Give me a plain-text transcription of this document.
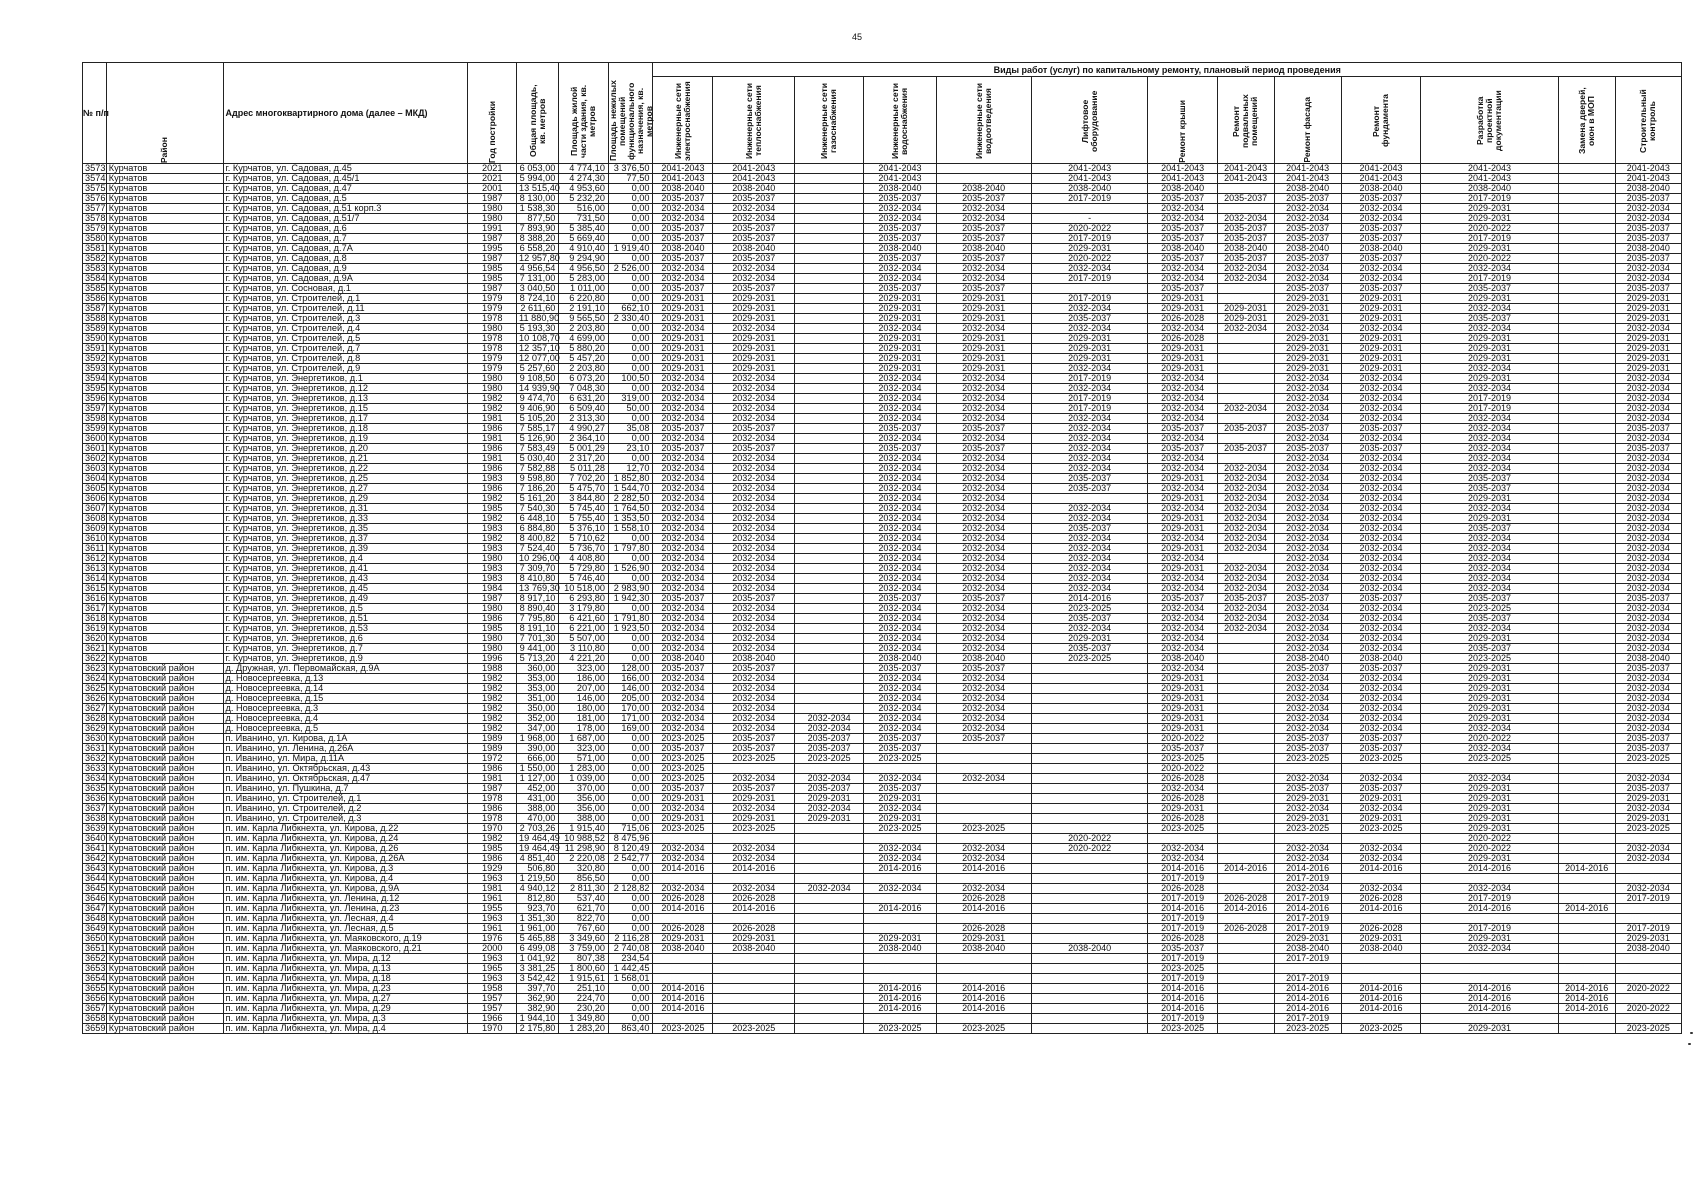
45
№ п/п	Район	Адрес многоквартирного дома (далее – МКД)	Год постройки	Общая площадь, кв. метров	Площадь жилой части здания, кв. метров	Площадь нежилых помещений функционального назначения, кв. метров	Виды работ (услуг) по капитальному ремонту, плановый период проведения												

							Инженерные сети электроснабжения	Инженерные сети теплоснабжения	Инженерные сети газоснабжения	Инженерные сети водоснабжения	Инженерные сети водоотведения	Лифтовое оборудование	Ремонт крыши	Ремонт подвальных помещений	Ремонт фасада	Ремонт фундамента	Разработка проектной документации	Замена дверей, окон в МОП	Строительный контроль

3573	Курчатов	г. Курчатов, ул. Садовая, д.45	2021	6 053,00	4 774,10	3 376,50	2041-2043	2041-2043		2041-2043		2041-2043	2041-2043	2041-2043	2041-2043	2041-2043	2041-2043		2041-2043
3574	Курчатов	г. Курчатов, ул. Садовая, д.45/1	2021	5 994,00	4 274,30	77,50	2041-2043	2041-2043		2041-2043		2041-2043	2041-2043	2041-2043	2041-2043	2041-2043	2041-2043		2041-2043
3575	Курчатов	г. Курчатов, ул. Садовая, д.47	2001	13 515,40	4 953,60	0,00	2038-2040	2038-2040		2038-2040	2038-2040	2038-2040	2038-2040		2038-2040	2038-2040	2038-2040		2038-2040
3576	Курчатов	г. Курчатов, ул. Садовая, д.5	1987	8 130,00	5 232,20	0,00	2035-2037	2035-2037		2035-2037	2035-2037	2017-2019	2035-2037	2035-2037	2035-2037	2035-2037	2017-2019		2035-2037
3577	Курчатов	г. Курчатов, ул. Садовая, д.51 корп.3	1980	1 538,30	516,00	0,00	2032-2034	2032-2034		2032-2034	2032-2034		2032-2034		2032-2034	2032-2034	2029-2031		2032-2034
3578	Курчатов	г. Курчатов, ул. Садовая, д.51/7	1980	877,50	731,50	0,00	2032-2034	2032-2034		2032-2034	2032-2034	-	2032-2034	2032-2034	2032-2034	2032-2034	2029-2031		2032-2034
3579	Курчатов	г. Курчатов, ул. Садовая, д.6	1991	7 893,90	5 385,40	0,00	2035-2037	2035-2037		2035-2037	2035-2037	2020-2022	2035-2037	2035-2037	2035-2037	2035-2037	2020-2022		2035-2037
3580	Курчатов	г. Курчатов, ул. Садовая, д.7	1987	8 388,20	5 669,40	0,00	2035-2037	2035-2037		2035-2037	2035-2037	2017-2019	2035-2037	2035-2037	2035-2037	2035-2037	2017-2019		2035-2037
3581	Курчатов	г. Курчатов, ул. Садовая, д.7А	1995	6 558,20	4 910,40	1 919,40	2038-2040	2038-2040		2038-2040	2038-2040	2029-2031	2038-2040	2038-2040	2038-2040	2038-2040	2029-2031		2038-2040
3582	Курчатов	г. Курчатов, ул. Садовая, д.8	1987	12 957,80	9 294,90	0,00	2035-2037	2035-2037		2035-2037	2035-2037	2020-2022	2035-2037	2035-2037	2035-2037	2035-2037	2020-2022		2035-2037
3583	Курчатов	г. Курчатов, ул. Садовая, д.9	1985	4 956,54	4 956,50	2 526,00	2032-2034	2032-2034		2032-2034	2032-2034	2032-2034	2032-2034	2032-2034	2032-2034	2032-2034	2032-2034		2032-2034
3584	Курчатов	г. Курчатов, ул. Садовая, д.9А	1985	7 131,00	5 283,00	0,00	2032-2034	2032-2034		2032-2034	2032-2034	2017-2019	2032-2034	2032-2034	2032-2034	2032-2034	2017-2019		2032-2034
3585	Курчатов	г. Курчатов, ул. Сосновая, д.1	1987	3 040,50	1 011,00	0,00	2035-2037	2035-2037		2035-2037	2035-2037		2035-2037		2035-2037	2035-2037	2035-2037		2035-2037
3586	Курчатов	г. Курчатов, ул. Строителей, д.1	1979	8 724,10	6 220,80	0,00	2029-2031	2029-2031		2029-2031	2029-2031	2017-2019	2029-2031		2029-2031	2029-2031	2029-2031		2029-2031
3587	Курчатов	г. Курчатов, ул. Строителей, д.11	1979	2 611,60	2 191,10	662,10	2029-2031	2029-2031		2029-2031	2029-2031	2032-2034	2029-2031	2029-2031	2029-2031	2029-2031	2032-2034		2029-2031
3588	Курчатов	г. Курчатов, ул. Строителей, д.3	1978	11 880,90	9 565,50	2 330,40	2029-2031	2029-2031		2029-2031	2029-2031	2035-2037	2026-2028	2029-2031	2029-2031	2029-2031	2035-2037		2029-2031
3589	Курчатов	г. Курчатов, ул. Строителей, д.4	1980	5 193,30	2 203,80	0,00	2032-2034	2032-2034		2032-2034	2032-2034	2032-2034	2032-2034	2032-2034	2032-2034	2032-2034	2032-2034		2032-2034
3590	Курчатов	г. Курчатов, ул. Строителей, д.5	1978	10 108,70	4 699,00	0,00	2029-2031	2029-2031		2029-2031	2029-2031	2029-2031	2026-2028		2029-2031	2029-2031	2029-2031		2029-2031
3591	Курчатов	г. Курчатов, ул. Строителей, д.7	1978	12 357,10	5 880,20	0,00	2029-2031	2029-2031		2029-2031	2029-2031	2029-2031	2029-2031		2029-2031	2029-2031	2029-2031		2029-2031
3592	Курчатов	г. Курчатов, ул. Строителей, д.8	1979	12 077,00	5 457,20	0,00	2029-2031	2029-2031		2029-2031	2029-2031	2029-2031	2029-2031		2029-2031	2029-2031	2029-2031		2029-2031
3593	Курчатов	г. Курчатов, ул. Строителей, д.9	1979	5 257,60	2 203,80	0,00	2029-2031	2029-2031		2029-2031	2029-2031	2032-2034	2029-2031		2029-2031	2029-2031	2032-2034		2029-2031
3594	Курчатов	г. Курчатов, ул. Энергетиков, д.1	1980	9 108,50	6 073,20	100,50	2032-2034	2032-2034		2032-2034	2032-2034	2017-2019	2032-2034		2032-2034	2032-2034	2029-2031		2032-2034
3595	Курчатов	г. Курчатов, ул. Энергетиков, д.12	1980	14 939,90	7 048,30	0,00	2032-2034	2032-2034		2032-2034	2032-2034	2032-2034	2032-2034		2032-2034	2032-2034	2032-2034		2032-2034
3596	Курчатов	г. Курчатов, ул. Энергетиков, д.13	1982	9 474,70	6 631,20	319,00	2032-2034	2032-2034		2032-2034	2032-2034	2017-2019	2032-2034		2032-2034	2032-2034	2017-2019		2032-2034
3597	Курчатов	г. Курчатов, ул. Энергетиков, д.15	1982	9 406,90	6 509,40	50,00	2032-2034	2032-2034		2032-2034	2032-2034	2017-2019	2032-2034	2032-2034	2032-2034	2032-2034	2017-2019		2032-2034
3598	Курчатов	г. Курчатов, ул. Энергетиков, д.17	1981	5 105,20	2 313,30	0,00	2032-2034	2032-2034		2032-2034	2032-2034	2032-2034	2032-2034		2032-2034	2032-2034	2032-2034		2032-2034
3599	Курчатов	г. Курчатов, ул. Энергетиков, д.18	1986	7 585,17	4 990,27	35,08	2035-2037	2035-2037		2035-2037	2035-2037	2032-2034	2035-2037	2035-2037	2035-2037	2035-2037	2032-2034		2035-2037
3600	Курчатов	г. Курчатов, ул. Энергетиков, д.19	1981	5 126,90	2 364,10	0,00	2032-2034	2032-2034		2032-2034	2032-2034	2032-2034	2032-2034		2032-2034	2032-2034	2032-2034		2032-2034
3601	Курчатов	г. Курчатов, ул. Энергетиков, д.20	1986	7 583,49	5 001,29	23,10	2035-2037	2035-2037		2035-2037	2035-2037	2032-2034	2035-2037	2035-2037	2035-2037	2035-2037	2032-2034		2035-2037
3602	Курчатов	г. Курчатов, ул. Энергетиков, д.21	1981	5 030,40	2 317,20	0,00	2032-2034	2032-2034		2032-2034	2032-2034	2032-2034	2032-2034		2032-2034	2032-2034	2032-2034		2032-2034
3603	Курчатов	г. Курчатов, ул. Энергетиков, д.22	1986	7 582,88	5 011,28	12,70	2032-2034	2032-2034		2032-2034	2032-2034	2032-2034	2032-2034	2032-2034	2032-2034	2032-2034	2032-2034		2032-2034
3604	Курчатов	г. Курчатов, ул. Энергетиков, д.25	1983	9 598,80	7 702,20	1 852,80	2032-2034	2032-2034		2032-2034	2032-2034	2035-2037	2029-2031	2032-2034	2032-2034	2032-2034	2035-2037		2032-2034
3605	Курчатов	г. Курчатов, ул. Энергетиков, д.27	1986	7 186,20	5 475,70	1 544,70	2032-2034	2032-2034		2032-2034	2032-2034	2035-2037	2032-2034	2032-2034	2032-2034	2032-2034	2035-2037		2032-2034
3606	Курчатов	г. Курчатов, ул. Энергетиков, д.29	1982	5 161,20	3 844,80	2 282,50	2032-2034	2032-2034		2032-2034	2032-2034		2029-2031	2032-2034	2032-2034	2032-2034	2029-2031		2032-2034
3607	Курчатов	г. Курчатов, ул. Энергетиков, д.31	1985	7 540,30	5 745,40	1 764,50	2032-2034	2032-2034		2032-2034	2032-2034	2032-2034	2032-2034	2032-2034	2032-2034	2032-2034	2032-2034		2032-2034
3608	Курчатов	г. Курчатов, ул. Энергетиков, д.33	1982	6 448,10	5 755,40	1 353,50	2032-2034	2032-2034		2032-2034	2032-2034	2032-2034	2029-2031	2032-2034	2032-2034	2032-2034	2029-2031		2032-2034
3609	Курчатов	г. Курчатов, ул. Энергетиков, д.35	1983	6 884,80	5 376,10	1 558,10	2032-2034	2032-2034		2032-2034	2032-2034	2035-2037	2029-2031	2032-2034	2032-2034	2032-2034	2035-2037		2032-2034
3610	Курчатов	г. Курчатов, ул. Энергетиков, д.37	1982	8 400,82	5 710,62	0,00	2032-2034	2032-2034		2032-2034	2032-2034	2032-2034	2032-2034	2032-2034	2032-2034	2032-2034	2032-2034		2032-2034
3611	Курчатов	г. Курчатов, ул. Энергетиков, д.39	1983	7 524,40	5 736,70	1 797,80	2032-2034	2032-2034		2032-2034	2032-2034	2032-2034	2029-2031	2032-2034	2032-2034	2032-2034	2032-2034		2032-2034
3612	Курчатов	г. Курчатов, ул. Энергетиков, д.4	1980	10 296,00	4 408,80	0,00	2032-2034	2032-2034		2032-2034	2032-2034	2032-2034	2032-2034		2032-2034	2032-2034	2032-2034		2032-2034
3613	Курчатов	г. Курчатов, ул. Энергетиков, д.41	1983	7 309,70	5 729,80	1 526,90	2032-2034	2032-2034		2032-2034	2032-2034	2032-2034	2029-2031	2032-2034	2032-2034	2032-2034	2032-2034		2032-2034
3614	Курчатов	г. Курчатов, ул. Энергетиков, д.43	1983	8 410,80	5 746,40	0,00	2032-2034	2032-2034		2032-2034	2032-2034	2032-2034	2032-2034	2032-2034	2032-2034	2032-2034	2032-2034		2032-2034
3615	Курчатов	г. Курчатов, ул. Энергетиков, д.45	1984	13 769,30	10 518,00	2 983,90	2032-2034	2032-2034		2032-2034	2032-2034	2032-2034	2032-2034	2032-2034	2032-2034	2032-2034	2032-2034		2032-2034
3616	Курчатов	г. Курчатов, ул. Энергетиков, д.49	1987	8 917,10	6 293,80	1 942,30	2035-2037	2035-2037		2035-2037	2035-2037	2014-2016	2035-2037	2035-2037	2035-2037	2035-2037	2035-2037		2035-2037
3617	Курчатов	г. Курчатов, ул. Энергетиков, д.5	1980	8 890,40	3 179,80	0,00	2032-2034	2032-2034		2032-2034	2032-2034	2023-2025	2032-2034	2032-2034	2032-2034	2032-2034	2023-2025		2032-2034
3618	Курчатов	г. Курчатов, ул. Энергетиков, д.51	1986	7 795,80	6 421,60	1 791,80	2032-2034	2032-2034		2032-2034	2032-2034	2035-2037	2032-2034	2032-2034	2032-2034	2032-2034	2035-2037		2032-2034
3619	Курчатов	г. Курчатов, ул. Энергетиков, д.53	1985	8 191,10	6 221,00	1 923,50	2032-2034	2032-2034		2032-2034	2032-2034	2032-2034	2032-2034	2032-2034	2032-2034	2032-2034	2032-2034		2032-2034
3620	Курчатов	г. Курчатов, ул. Энергетиков, д.6	1980	7 701,30	5 507,00	0,00	2032-2034	2032-2034		2032-2034	2032-2034	2029-2031	2032-2034		2032-2034	2032-2034	2029-2031		2032-2034
3621	Курчатов	г. Курчатов, ул. Энергетиков, д.7	1980	9 441,00	3 110,80	0,00	2032-2034	2032-2034		2032-2034	2032-2034	2035-2037	2032-2034		2032-2034	2032-2034	2035-2037		2032-2034
3622	Курчатов	г. Курчатов, ул. Энергетиков, д.9	1996	5 713,20	4 221,20	0,00	2038-2040	2038-2040		2038-2040	2038-2040	2023-2025	2038-2040		2038-2040	2038-2040	2023-2025		2038-2040
3623	Курчатовский район	д. Дружная, ул. Первомайская, д.9А	1988	360,00	323,00	128,00	2035-2037	2035-2037		2035-2037	2035-2037		2032-2034		2035-2037	2035-2037	2029-2031		2035-2037
3624	Курчатовский район	д. Новосергеевка, д.13	1982	353,00	186,00	166,00	2032-2034	2032-2034		2032-2034	2032-2034		2029-2031		2032-2034	2032-2034	2029-2031		2032-2034
3625	Курчатовский район	д. Новосергеевка, д.14	1982	353,00	207,00	146,00	2032-2034	2032-2034		2032-2034	2032-2034		2029-2031		2032-2034	2032-2034	2029-2031		2032-2034
3626	Курчатовский район	д. Новосергеевка, д.15	1982	351,00	146,00	205,00	2032-2034	2032-2034		2032-2034	2032-2034		2029-2031		2032-2034	2032-2034	2029-2031		2032-2034
3627	Курчатовский район	д. Новосергеевка, д.3	1982	350,00	180,00	170,00	2032-2034	2032-2034		2032-2034	2032-2034		2029-2031		2032-2034	2032-2034	2029-2031		2032-2034
3628	Курчатовский район	д. Новосергеевка, д.4	1982	352,00	181,00	171,00	2032-2034	2032-2034	2032-2034	2032-2034	2032-2034		2029-2031		2032-2034	2032-2034	2029-2031		2032-2034
3629	Курчатовский район	д. Новосергеевка, д.5	1982	347,00	178,00	169,00	2032-2034	2032-2034	2032-2034	2032-2034	2032-2034		2029-2031		2032-2034	2032-2034	2032-2034		2032-2034
3630	Курчатовский район	п. Иванино, ул. Кирова, д.1А	1989	1 968,00	1 687,00	0,00	2023-2025	2035-2037	2035-2037	2035-2037	2035-2037		2020-2022		2035-2037	2035-2037	2020-2022		2035-2037
3631	Курчатовский район	п. Иванино, ул. Ленина, д.26А	1989	390,00	323,00	0,00	2035-2037	2035-2037	2035-2037	2035-2037			2035-2037		2035-2037	2035-2037	2032-2034		2035-2037
3632	Курчатовский район	п. Иванино, ул. Мира, д.11А	1972	666,00	571,00	0,00	2023-2025	2023-2025	2023-2025	2023-2025			2023-2025		2023-2025	2023-2025	2023-2025		2023-2025
3633	Курчатовский район	п. Иванино, ул. Октябрьская, д.43	1986	1 550,00	1 283,00	0,00	2023-2025						2020-2022						
3634	Курчатовский район	п. Иванино, ул. Октябрьская, д.47	1981	1 127,00	1 039,00	0,00	2023-2025	2032-2034	2032-2034	2032-2034	2032-2034		2026-2028		2032-2034	2032-2034	2032-2034		2032-2034
3635	Курчатовский район	п. Иванино, ул. Пушкина, д.7	1987	452,00	370,00	0,00	2035-2037	2035-2037	2035-2037	2035-2037			2032-2034		2035-2037	2035-2037	2029-2031		2035-2037
3636	Курчатовский район	п. Иванино, ул. Строителей, д.1	1978	431,00	356,00	0,00	2029-2031	2029-2031	2029-2031	2029-2031			2026-2028		2029-2031	2029-2031	2029-2031		2029-2031
3637	Курчатовский район	п. Иванино, ул. Строителей, д.2	1986	388,00	356,00	0,00	2032-2034	2032-2034	2032-2034	2032-2034			2029-2031		2032-2034	2032-2034	2029-2031		2032-2034
3638	Курчатовский район	п. Иванино, ул. Строителей, д.3	1978	470,00	388,00	0,00	2029-2031	2029-2031	2029-2031	2029-2031			2026-2028		2029-2031	2029-2031	2029-2031		2029-2031
3639	Курчатовский район	п. им. Карла Либкнехта, ул. Кирова, д.22	1970	2 703,26	1 915,40	715,06	2023-2025	2023-2025		2023-2025	2023-2025		2023-2025		2023-2025	2023-2025	2029-2031		2023-2025
3640	Курчатовский район	п. им. Карла Либкнехта, ул. Кирова, д.24	1982	19 464,49	10 988,52	8 475,96						2020-2022					2020-2022		
3641	Курчатовский район	п. им. Карла Либкнехта, ул. Кирова, д.26	1985	19 464,49	11 298,90	8 120,49	2032-2034	2032-2034		2032-2034	2032-2034	2020-2022	2032-2034		2032-2034	2032-2034	2020-2022		2032-2034
3642	Курчатовский район	п. им. Карла Либкнехта, ул. Кирова, д.26А	1986	4 851,40	2 220,08	2 542,77	2032-2034	2032-2034		2032-2034	2032-2034		2032-2034		2032-2034	2032-2034	2029-2031		2032-2034
3643	Курчатовский район	п. им. Карла Либкнехта, ул. Кирова, д.3	1929	506,80	320,80	0,00	2014-2016	2014-2016		2014-2016	2014-2016		2014-2016	2014-2016	2014-2016	2014-2016	2014-2016	2014-2016	
3644	Курчатовский район	п. им. Карла Либкнехта, ул. Кирова, д.4	1963	1 219,50	856,50	0,00							2017-2019		2017-2019				
3645	Курчатовский район	п. им. Карла Либкнехта, ул. Кирова, д.9А	1981	4 940,12	2 811,30	2 128,82	2032-2034	2032-2034	2032-2034	2032-2034	2032-2034		2026-2028		2032-2034	2032-2034	2032-2034		2032-2034
3646	Курчатовский район	п. им. Карла Либкнехта, ул. Ленина, д.12	1961	812,80	537,40	0,00	2026-2028	2026-2028			2026-2028		2017-2019	2026-2028	2017-2019	2026-2028	2017-2019		2017-2019
3647	Курчатовский район	п. им. Карла Либкнехта, ул. Ленина, д.23	1955	923,70	621,70	0,00	2014-2016	2014-2016		2014-2016	2014-2016		2014-2016	2014-2016	2014-2016	2014-2016	2014-2016	2014-2016	
3648	Курчатовский район	п. им. Карла Либкнехта, ул. Лесная, д.4	1963	1 351,30	822,70	0,00							2017-2019		2017-2019				
3649	Курчатовский район	п. им. Карла Либкнехта, ул. Лесная, д.5	1961	1 961,00	767,60	0,00	2026-2028	2026-2028			2026-2028		2017-2019	2026-2028	2017-2019	2026-2028	2017-2019		2017-2019
3650	Курчатовский район	п. им. Карла Либкнехта, ул. Маяковского, д.19	1976	5 465,88	3 349,60	2 116,28	2029-2031	2029-2031		2029-2031	2029-2031		2026-2028		2029-2031	2029-2031	2029-2031		2029-2031
3651	Курчатовский район	п. им. Карла Либкнехта, ул. Маяковского, д.21	2000	6 499,08	3 759,00	2 740,08	2038-2040	2038-2040		2038-2040	2038-2040	2038-2040	2035-2037		2038-2040	2038-2040	2032-2034		2038-2040
3652	Курчатовский район	п. им. Карла Либкнехта, ул. Мира, д.12	1963	1 041,92	807,38	234,54							2017-2019		2017-2019				
3653	Курчатовский район	п. им. Карла Либкнехта, ул. Мира, д.13	1965	3 381,25	1 800,60	1 442,45							2023-2025						
3654	Курчатовский район	п. им. Карла Либкнехта, ул. Мира, д.18	1963	3 542,42	1 915,61	1 568,01							2017-2019		2017-2019				
3655	Курчатовский район	п. им. Карла Либкнехта, ул. Мира, д.23	1958	397,70	251,10	0,00	2014-2016			2014-2016	2014-2016		2014-2016		2014-2016	2014-2016	2014-2016	2014-2016	2020-2022
3656	Курчатовский район	п. им. Карла Либкнехта, ул. Мира, д.27	1957	362,90	224,70	0,00	2014-2016			2014-2016	2014-2016		2014-2016		2014-2016	2014-2016	2014-2016	2014-2016	
3657	Курчатовский район	п. им. Карла Либкнехта, ул. Мира, д.29	1957	382,90	230,20	0,00	2014-2016			2014-2016	2014-2016		2014-2016		2014-2016	2014-2016	2014-2016	2014-2016	2020-2022
3658	Курчатовский район	п. им. Карла Либкнехта, ул. Мира, д.3	1966	1 944,10	1 349,80	0,00							2017-2019		2017-2019				
3659	Курчатовский район	п. им. Карла Либкнехта, ул. Мира, д.4	1970	2 175,80	1 283,20	863,40	2023-2025	2023-2025		2023-2025	2023-2025		2023-2025		2023-2025	2023-2025	2029-2031		2023-2025
